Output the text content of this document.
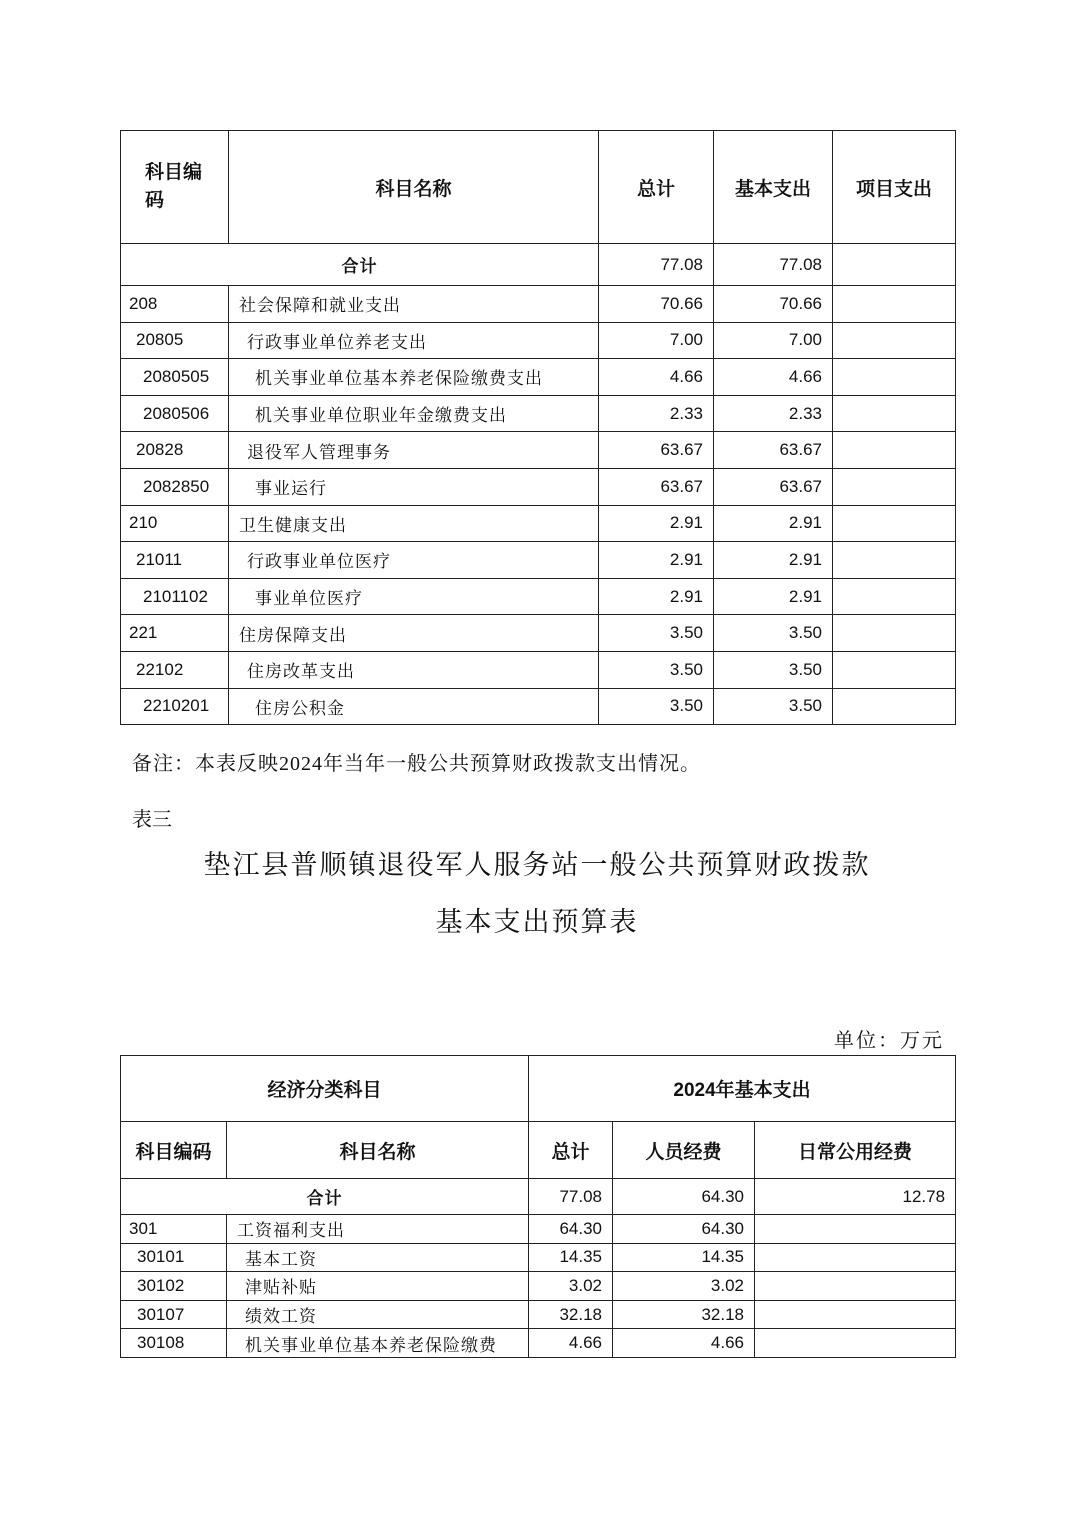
科目编码	科目名称	总计	基本支出	项目支出
合计		77.08	77.08	
208	社会保障和就业支出	70.66	70.66	
20805	行政事业单位养老支出	7.00	7.00	
2080505	机关事业单位基本养老保险缴费支出	4.66	4.66	
2080506	机关事业单位职业年金缴费支出	2.33	2.33	
20828	退役军人管理事务	63.67	63.67	
2082850	事业运行	63.67	63.67	
210	卫生健康支出	2.91	2.91	
21011	行政事业单位医疗	2.91	2.91	
2101102	事业单位医疗	2.91	2.91	
221	住房保障支出	3.50	3.50	
22102	住房改革支出	3.50	3.50	
2210201	住房公积金	3.50	3.50	
备注：本表反映2024年当年一般公共预算财政拨款支出情况。
表三
垫江县普顺镇退役军人服务站一般公共预算财政拨款
基本支出预算表
单位：万元
经济分类科目		2024年基本支出		
科目编码	科目名称	总计	人员经费	日常公用经费
合计		77.08	64.30	12.78
301	工资福利支出	64.30	64.30	
30101	基本工资	14.35	14.35	
30102	津贴补贴	3.02	3.02	
30107	绩效工资	32.18	32.18	
30108	机关事业单位基本养老保险缴费	4.66	4.66	
